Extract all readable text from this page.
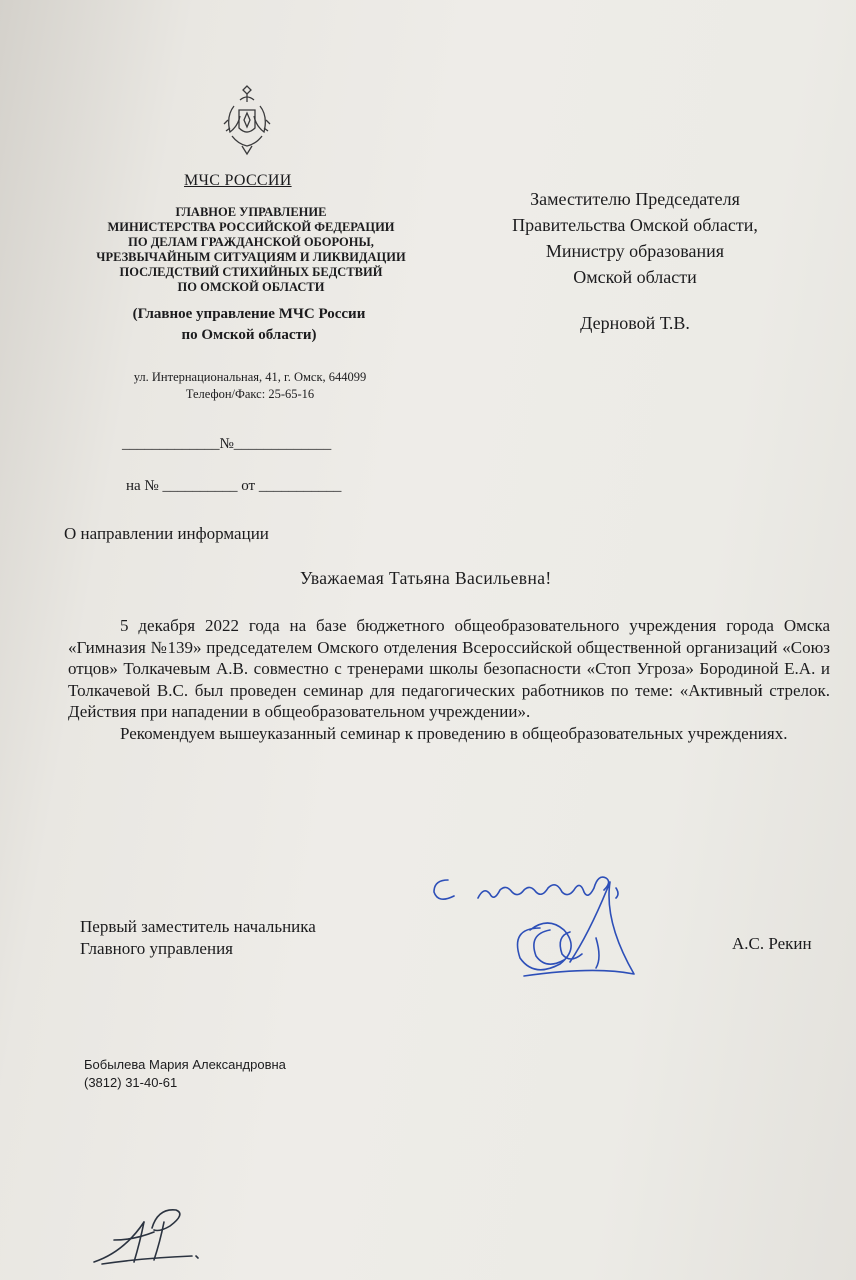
МЧС РОССИИ
ГЛАВНОЕ УПРАВЛЕНИЕ
МИНИСТЕРСТВА РОССИЙСКОЙ ФЕДЕРАЦИИ
ПО ДЕЛАМ ГРАЖДАНСКОЙ ОБОРОНЫ,
ЧРЕЗВЫЧАЙНЫМ СИТУАЦИЯМ И ЛИКВИДАЦИИ
ПОСЛЕДСТВИЙ СТИХИЙНЫХ БЕДСТВИЙ
ПО ОМСКОЙ ОБЛАСТИ
(Главное управление МЧС России
по Омской области)
ул. Интернациональная, 41, г. Омск, 644099
Телефон/Факс: 25-65-16
_____________№_____________
на № __________ от ___________
Заместителю Председателя
Правительства Омской области,
Министру образования
Омской области
Дерновой Т.В.
О направлении информации
Уважаемая Татьяна Васильевна!

5 декабря 2022 года на базе бюджетного общеобразовательного учреждения города Омска «Гимназия №139» председателем Омского отделения Всероссийской общественной организаций «Союз отцов» Толкачевым А.В. совместно с тренерами школы безопасности «Стоп Угроза» Бородиной Е.А. и Толкачевой В.С. был проведен семинар для педагогических работников по теме: «Активный стрелок. Действия при нападении в общеобразовательном учреждении».

Рекомендуем вышеуказанный семинар к проведению в общеобразовательных учреждениях.

Первый заместитель начальника
Главного управления	А.С. Рекин
Бобылева Мария Александровна
(3812) 31-40-61
